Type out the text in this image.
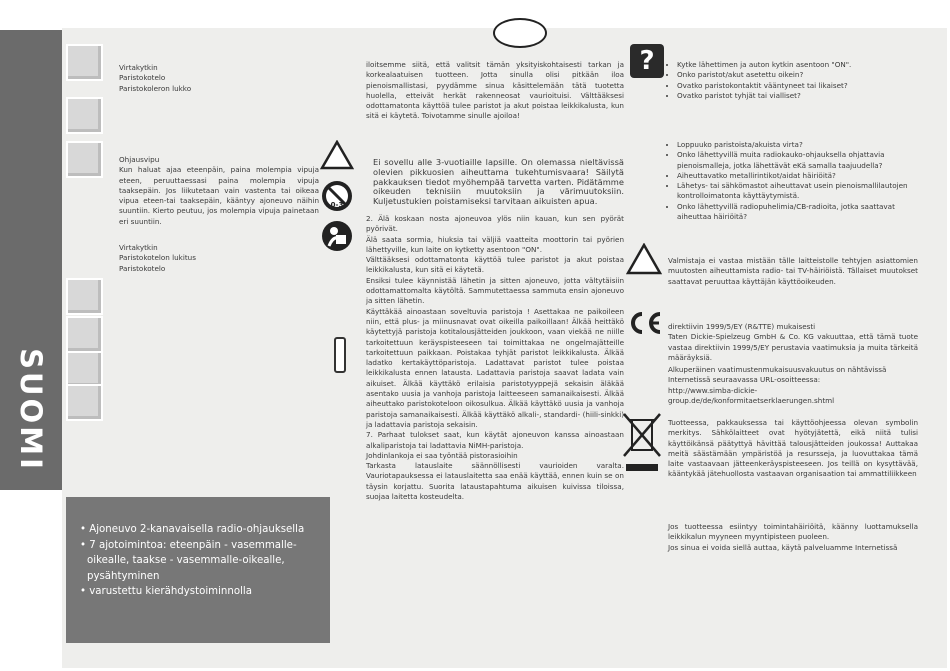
SUOMI

Virtakytkin

Paristokotelo

Paristokoleron lukko

Ohjausvipu

Kun haluat ajaa eteenpäin, paina molempia vipuja eteen, peruuttaessasi paina molempia vipuja taaksepäin. Jos liikutetaan vain vastenta tai oikeaa vipua eteen-tai taaksepäin, kääntyy ajoneuvo näihin suuntiin. Kierto peutuu, jos molempia vipuja painetaan eri suuntiin.

Virtakytkin

Paristokotelon lukitus

Paristokotelo

• Ajoneuvo 2-kanavaisella radio-ohjauksella

• 7 ajotoimintoa: eteenpäin - vasemmalle-

oikealle, taakse - vasemmalle-oikealle,

pysähtyminen

• varustettu kierähdystoiminnolla

0-3

iloitsemme siitä, että valitsit tämän yksityiskohtaisesti tarkan ja korkealaatuisen tuotteen. Jotta sinulla olisi pitkään iloa pienoismallistasi, pyydämme sinua käsittelemään tätä tuotetta huolella, etteivät herkät rakenneosat vaurioituisi. Välttääksesi odottamatonta käyttöä tulee paristot ja akut poistaa leikkikalusta, kun sitä ei käytetä. Toivotamme sinulle ajoiloa!

Ei sovellu alle 3-vuotiaille lapsille. On olemassa nieltävissä olevien pikkuosien aiheuttama tukehtumisvaara! Säilytä pakkauksen tiedot myöhempää tarvetta varten. Pidätämme oikeuden teknisiin muutoksiin ja värimuutoksiin. Kuljetustukien poistamiseksi tarvitaan aikuisten apua.

2. Älä koskaan nosta ajoneuvoa ylös niin kauan, kun sen pyörät pyörivät.

Älä saata sormia, hiuksia tai väljiä vaatteita moottorin tai pyörien lähettyville, kun laite on kytketty asentoon "ON".

Välttääksesi odottamatonta käyttöä tulee paristot ja akut poistaa leikkikalusta, kun sitä ei käytetä.

Ensiksi tulee käynnistää lähetin ja sitten ajoneuvo, jotta vältytäisiin odottamattomalta käytöltä. Sammutettaessa sammuta ensin ajoneuvo ja sitten lähetin.

Käyttäkää ainoastaan soveltuvia paristoja ! Asettakaa ne paikoileen niin, että plus- ja miinusnavat ovat oikeilla paikoillaan! Älkää heittäkö käytettyjä paristoja kotitalousjätteiden joukkoon, vaan viekää ne niille tarkoitettuun keräyspisteeseen tai toimittakaa ne ongelmajätteille tarkoitettuun paikkaan. Poistakaa tyhjät paristot leikkikalusta. Älkää ladatko kertakäyttöparistoja. Ladattavat paristot tulee poistaa leikkikalusta ennen latausta. Ladattavia paristoja saavat ladata vain aikuiset. Älkää käyttäkö erilaisia paristotyyppejä sekaisin äläkää asentako uusia ja vanhoja paristoja laitteeseen samanaikaisesti. Älkää aiheuttako paristokoteloon oikosulkua. Älkää käyttäkö uusia ja vanhoja paristoja samanaikaisesti. Älkää käyttäkö alkali-, standardi- (hiili-sinkki) ja ladattavia paristoja sekaisin.

7. Parhaat tulokset saat, kun käytät ajoneuvon kanssa ainoastaan alkaliparistoja tai ladattavia NiMH-paristoja.

Johdinlankoja ei saa työntää pistorasioihin

Tarkasta latauslaite säännöllisesti vaurioiden varalta. Vauriotapauksessa ei latauslaitetta saa enää käyttää, ennen kuin se on täysin korjattu. Suorita lataustapahtuma aikuisen kuivissa tiloissa, suojaa laitetta kosteudelta.

?
•	Kytke lähettimen ja auton kytkin asentoon "ON".
• Onko paristot/akut asetettu oikein?
• Ovatko paristokontaktit vääntyneet tai likaiset?
• Ovatko paristot tyhjät tai vialliset?
• Loppuuko paristoista/akuista virta?
• Onko lähettyvillä muita radiokauko-ohjauksella ohjattavia pienoismalleja, jotka lähettävät eKä samalla taajuudella?
• Aiheuttavatko metallirintikot/aidat häiriöitä?
• Lähetys- tai sähkömastot aiheuttavat usein pienoismallilautojen kontrolloimatonta käyttäytymistä.
• Onko lähettyvillä radiopuhelimia/CB-radioita, jotka saattavat aiheuttaa häiriöitä?

Valmistaja ei vastaa mistään tälle laitteistolle tehtyjen asiattomien muutosten aiheuttamista radio- tai TV-häiriöistä. Tällaiset muutokset saattavat peruuttaa käyttäjän käyttöoikeuden.

direktiivin 1999/5/EY (R&TTE) mukaisesti

Taten Dickie-Spielzeug GmbH & Co. KG vakuuttaa, että tämä tuote vastaa direktiivin 1999/5/EY perustavia vaatimuksia ja muita tärkeitä määräyksiä.

Alkuperäinen vaatimustenmukaisuusvakuutus on nähtävissä Internetissä seuraavassa URL-osoitteessa:

http://www.simba-dickie-group.de/de/konformitaetserklaerungen.shtml

Tuotteessa, pakkauksessa tai käyttöohjeessa olevan symbolin merkitys. Sähkölaitteet ovat hyötyjätettä, eikä niitä tulisi käyttöikänsä päätyttyä hävittää talousjätteiden joukossa! Auttakaa meitä säästämään ympäristöä ja resursseja, ja luovuttakaa tämä laite vastaavaan jätteenkeräyspisteeseen. Jos teillä on kysyttävää, kääntykää jätehuollosta vastaavan organisaation tai ammattiliikkeen

Jos tuotteessa esiintyy toimintahäiriöitä, käänny luottamuksella leikkikalun myyneen myyntipisteen puoleen.

Jos sinua ei voida siellä auttaa, käytä palveluamme Internetissä
